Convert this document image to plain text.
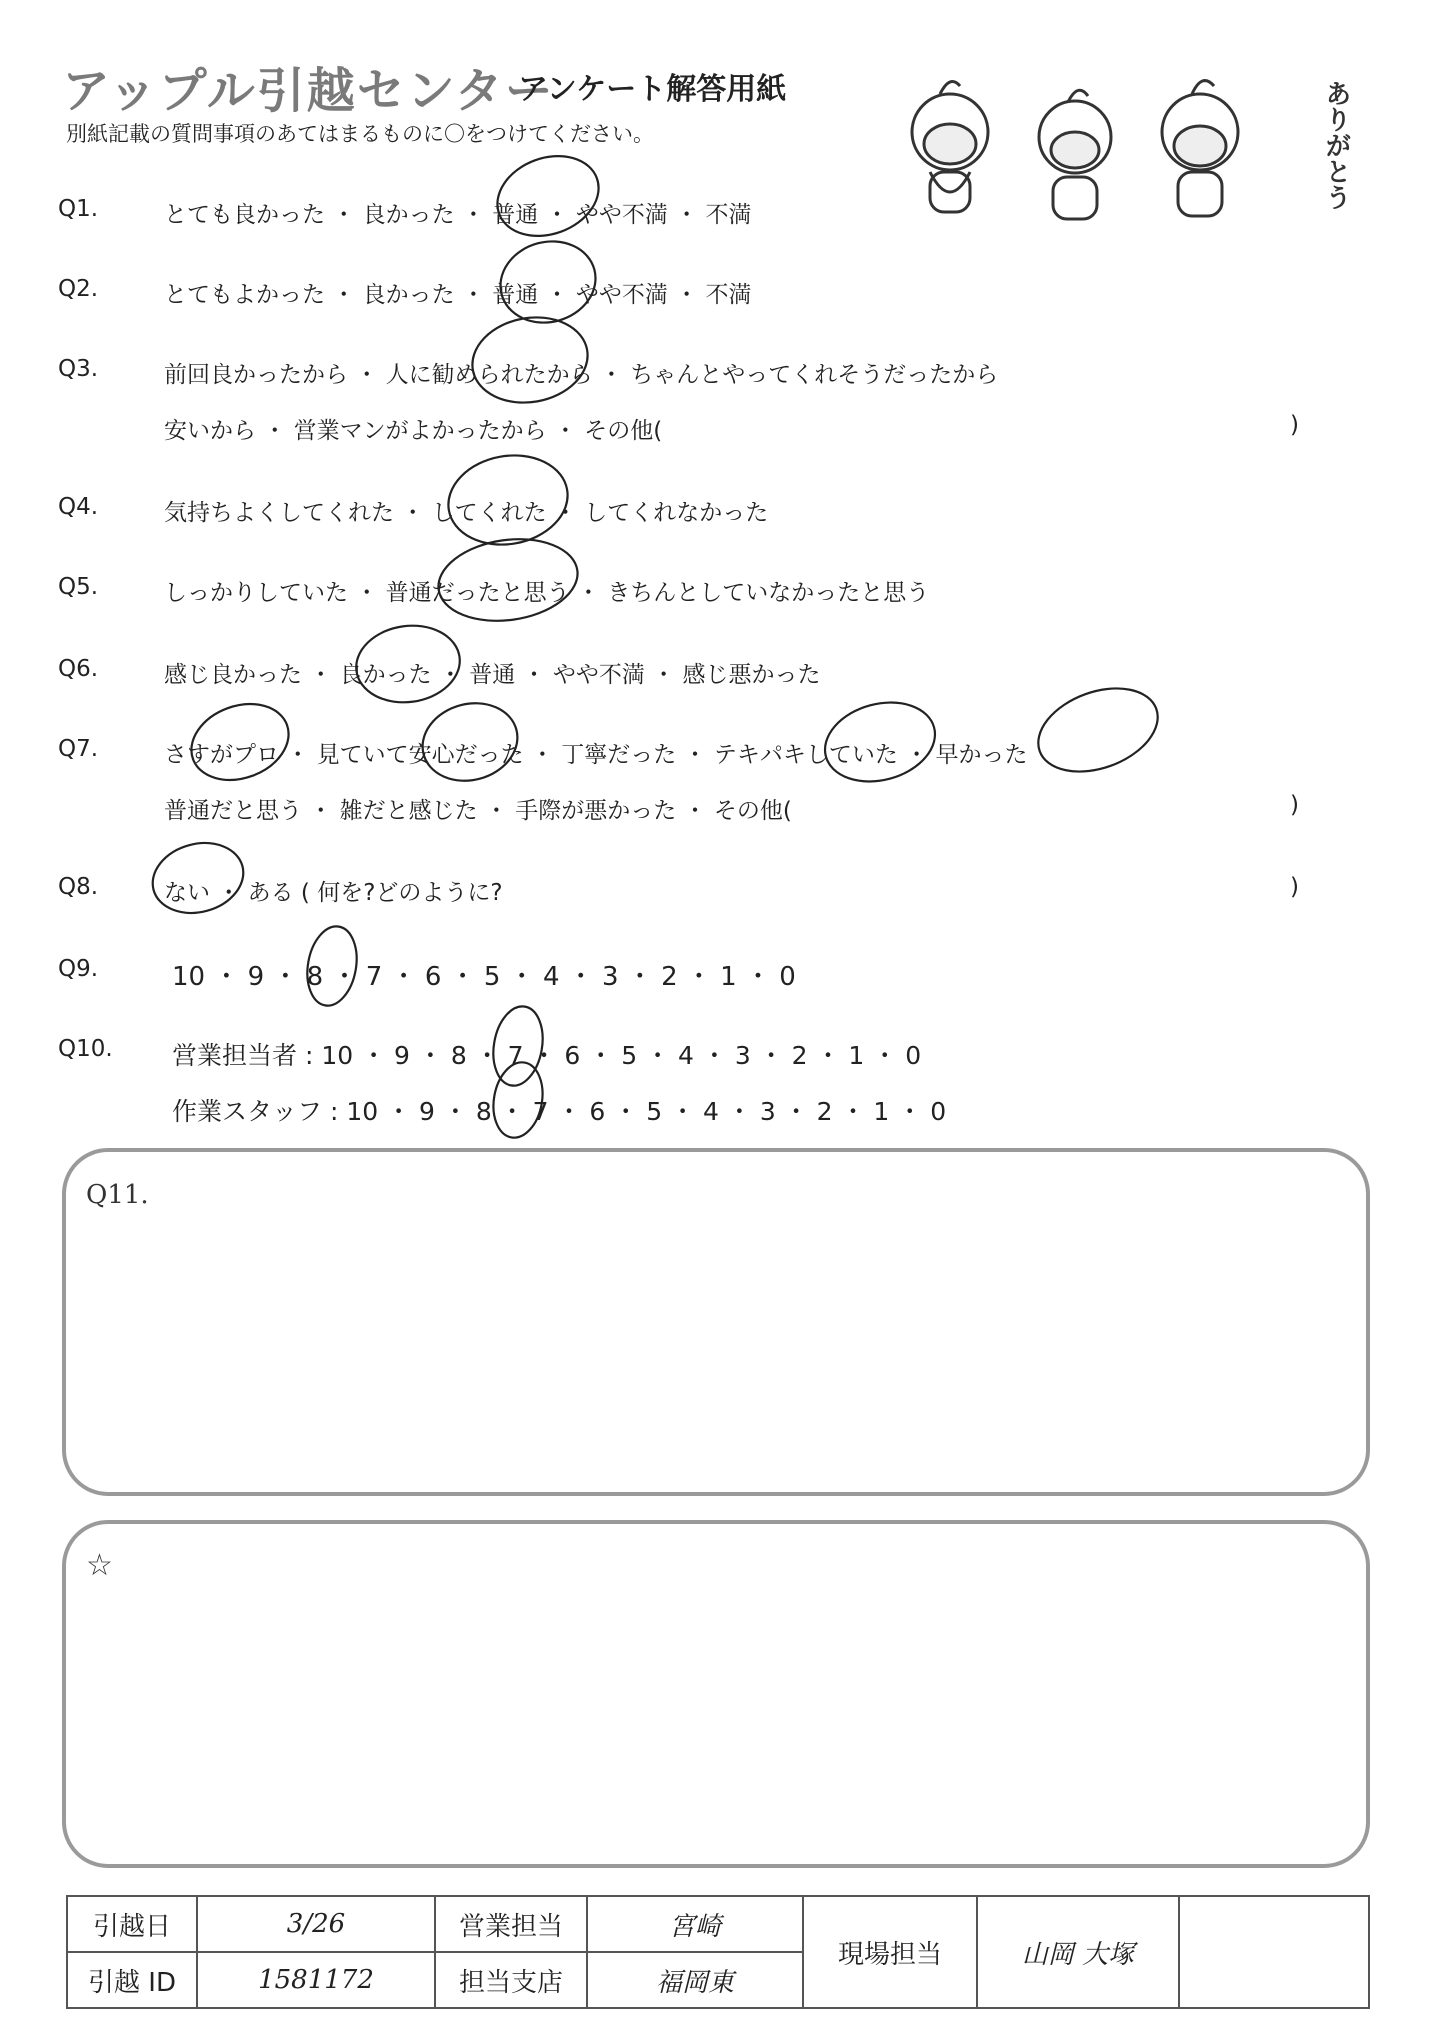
アップル引越センター
アンケート解答用紙
別紙記載の質問事項のあてはまるものに〇をつけてください。	ありがとう
Q1.	とても良かった ・ 良かった ・ 普通 ・ やや不満 ・ 不満
Q2.	とてもよかった ・ 良かった ・ 普通 ・ やや不満 ・ 不満
Q3.	前回良かったから ・ 人に勧められたから ・ ちゃんとやってくれそうだったから
安いから ・ 営業マンがよかったから ・ その他(	)
Q4.	気持ちよくしてくれた ・ してくれた ・ してくれなかった
Q5.	しっかりしていた ・ 普通だったと思う ・ きちんとしていなかったと思う
Q6.	感じ良かった ・ 良かった ・ 普通 ・ やや不満 ・ 感じ悪かった
Q7.	さすがプロ ・ 見ていて安心だった ・ 丁寧だった ・ テキパキしていた ・ 早かった
普通だと思う ・ 雑だと感じた ・ 手際が悪かった ・ その他(	)
Q8.	ない ・ ある ( 何を?どのように?	)
Q9.	10 ・ 9 ・ 8 ・ 7 ・ 6 ・ 5 ・ 4 ・ 3 ・ 2 ・ 1 ・ 0
Q10. 営業担当者 : 10 ・ 9 ・ 8 ・ 7 ・ 6 ・ 5 ・ 4 ・ 3 ・ 2 ・ 1 ・ 0
作業スタッフ : 10 ・ 9 ・ 8 ・ 7 ・ 6 ・ 5 ・ 4 ・ 3 ・ 2 ・ 1 ・ 0
Q11.
☆
引越日	3/26	営業担当	宮崎	現場担当	山岡 大塚	
引越 ID	1581172	担当支店	福岡東			
